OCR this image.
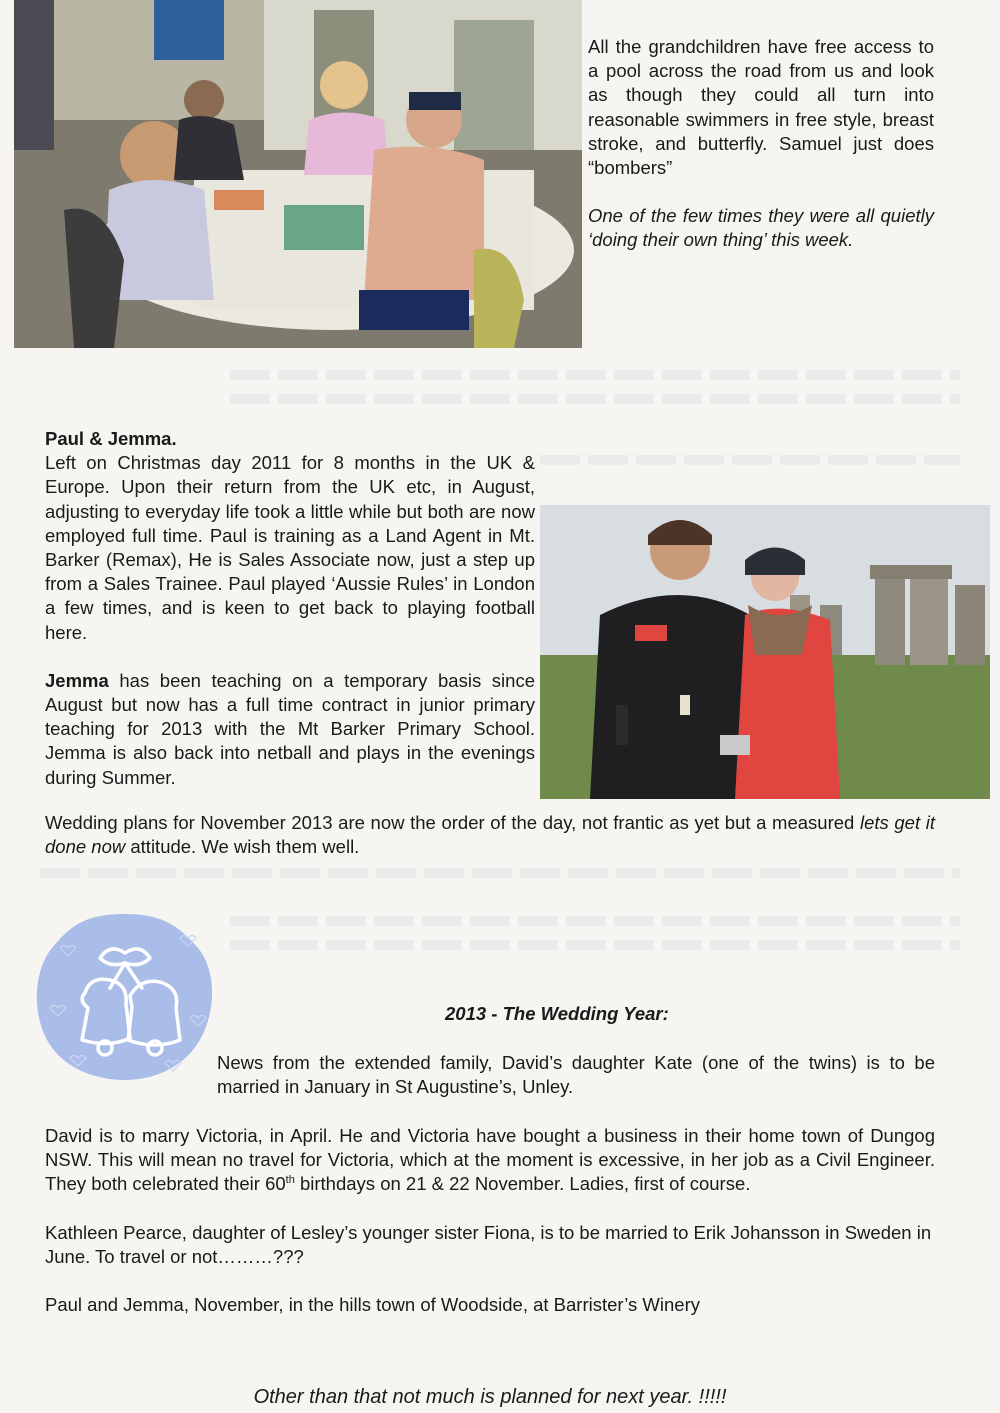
All the grandchildren have free access to a pool across the road from us and look as though they could all turn into reasonable swimmers in free style, breast stroke, and butterfly. Samuel just does “bombers”

One of the few times they were all quietly ‘doing their own thing’ this week.

Paul & Jemma.

Left on Christmas day 2011 for 8 months in the UK & Europe. Upon their return from the UK etc, in August, adjusting to everyday life took a little while but both are now employed full time. Paul is training as a Land Agent in Mt. Barker (Remax), He is Sales Associate now, just a step up from a Sales Trainee. Paul played ‘Aussie Rules’ in London a few times, and is keen to get back to playing football here.

Jemma has been teaching on a temporary basis since August but now has a full time contract in junior primary teaching for 2013 with the Mt Barker Primary School. Jemma is also back into netball and plays in the evenings during Summer.

Wedding plans for November 2013 are now the order of the day, not frantic as yet but a measured lets get it done now attitude. We wish them well.

2013 - The Wedding Year:

News from the extended family, David’s daughter Kate (one of the twins) is to be married in January in St Augustine’s, Unley.

David is to marry Victoria, in April. He and Victoria have bought a business in their home town of Dungog NSW. This will mean no travel for Victoria, which at the moment is excessive, in her job as a Civil Engineer. They both celebrated their 60th birthdays on 21 & 22 November. Ladies, first of course.

Kathleen Pearce, daughter of Lesley’s younger sister Fiona, is to be married to Erik Johansson in Sweden in June. To travel or not………???

Paul and Jemma, November, in the hills town of Woodside, at Barrister’s Winery

Other than that not much is planned for next year. !!!!!
